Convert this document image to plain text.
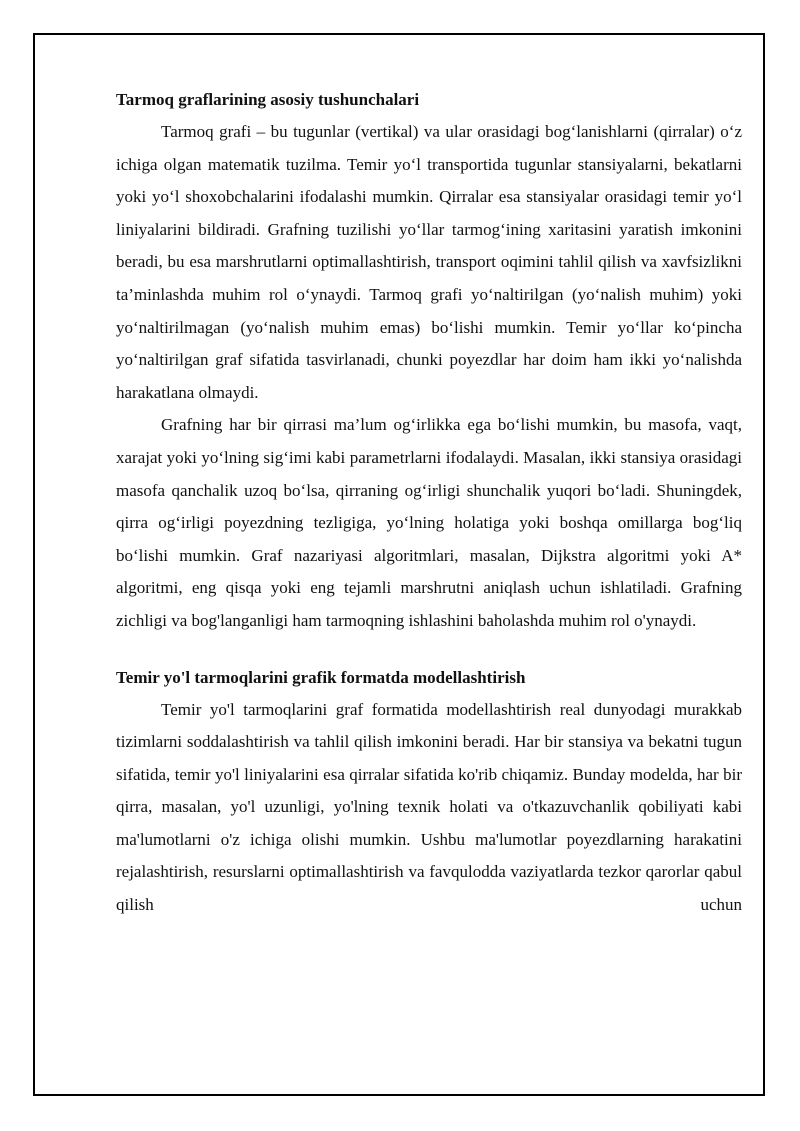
Tarmoq graflarining asosiy tushunchalari

Tarmoq grafi – bu tugunlar (vertikal) va ular orasidagi bog‘lanishlarni (qirralar) o‘z ichiga olgan matematik tuzilma. Temir yo‘l transportida tugunlar stansiyalarni, bekatlarni yoki yo‘l shoxobchalarini ifodalashi mumkin. Qirralar esa stansiyalar orasidagi temir yo‘l liniyalarini bildiradi. Grafning tuzilishi yo‘llar tarmog‘ining xaritasini yaratish imkonini beradi, bu esa marshrutlarni optimallashtirish, transport oqimini tahlil qilish va xavfsizlikni ta’minlashda muhim rol o‘ynaydi. Tarmoq grafi yo‘naltirilgan (yo‘nalish muhim) yoki yo‘naltirilmagan (yo‘nalish muhim emas) bo‘lishi mumkin. Temir yo‘llar ko‘pincha yo‘naltirilgan graf sifatida tasvirlanadi, chunki poyezdlar har doim ham ikki yo‘nalishda harakatlana olmaydi.

Grafning har bir qirrasi ma’lum og‘irlikka ega bo‘lishi mumkin, bu masofa, vaqt, xarajat yoki yo‘lning sig‘imi kabi parametrlarni ifodalaydi. Masalan, ikki stansiya orasidagi masofa qanchalik uzoq bo‘lsa, qirraning og‘irligi shunchalik yuqori bo‘ladi. Shuningdek, qirra og‘irligi poyezdning tezligiga, yo‘lning holatiga yoki boshqa omillarga bog‘liq bo‘lishi mumkin. Graf nazariyasi algoritmlari, masalan, Dijkstra algoritmi yoki A* algoritmi, eng qisqa yoki eng tejamli marshrutni aniqlash uchun ishlatiladi. Grafning zichligi va bog'langanligi ham tarmoqning ishlashini baholashda muhim rol o'ynaydi.

Temir yo'l tarmoqlarini grafik formatda modellashtirish

Temir yo'l tarmoqlarini graf formatida modellashtirish real dunyodagi murakkab tizimlarni soddalashtirish va tahlil qilish imkonini beradi. Har bir stansiya va bekatni tugun sifatida, temir yo'l liniyalarini esa qirralar sifatida ko'rib chiqamiz. Bunday modelda, har bir qirra, masalan, yo'l uzunligi, yo'lning texnik holati va o'tkazuvchanlik qobiliyati kabi ma'lumotlarni o'z ichiga olishi mumkin. Ushbu ma'lumotlar poyezdlarning harakatini rejalashtirish, resurslarni optimallashtirish va favqulodda vaziyatlarda tezkor qarorlar qabul qilish uchun
